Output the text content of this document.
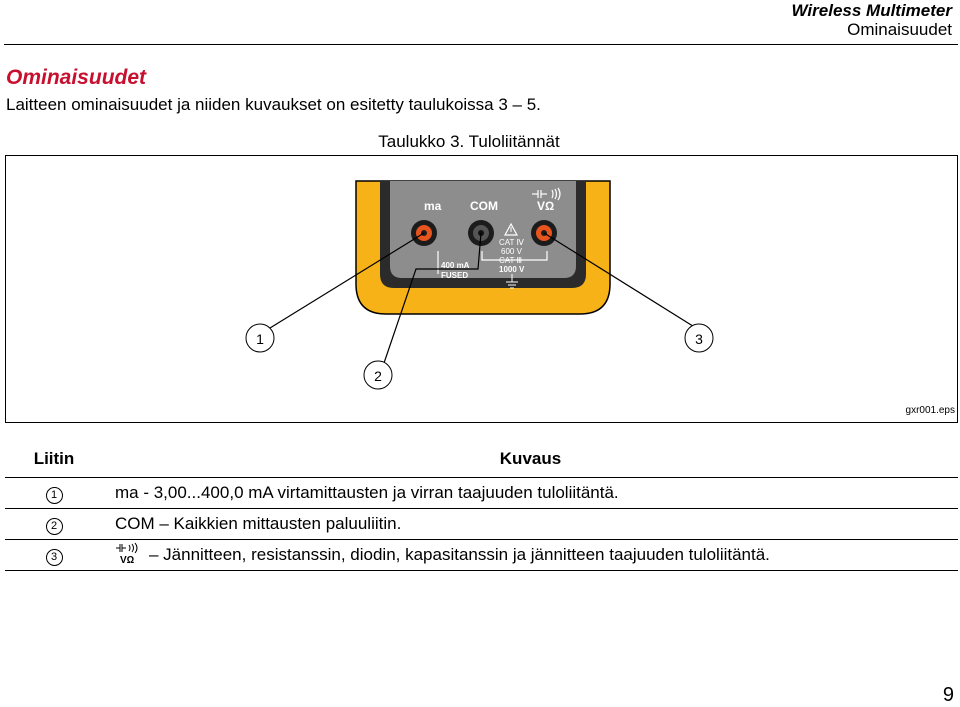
Wireless Multimeter
Ominaisuudet
Ominaisuudet
Laitteen ominaisuudet ja niiden kuvaukset on esitetty taulukoissa 3 – 5.
Taulukko 3. Tuloliitännät
ma COM	VΩ
CAT Ⅳ
600 V
CAT Ⅲ
1000 V
400 mA
FUSED
1
2
3
gxr001.eps
Liitin	Kuvaus
1	ma - 3,00...400,0 mA virtamittausten ja virran taajuuden tuloliitäntä.
2	COM – Kaikkien mittausten paluuliitin.
3	VΩ – Jännitteen, resistanssin, diodin, kapasitanssin ja jännitteen taajuuden tuloliitäntä.
9
